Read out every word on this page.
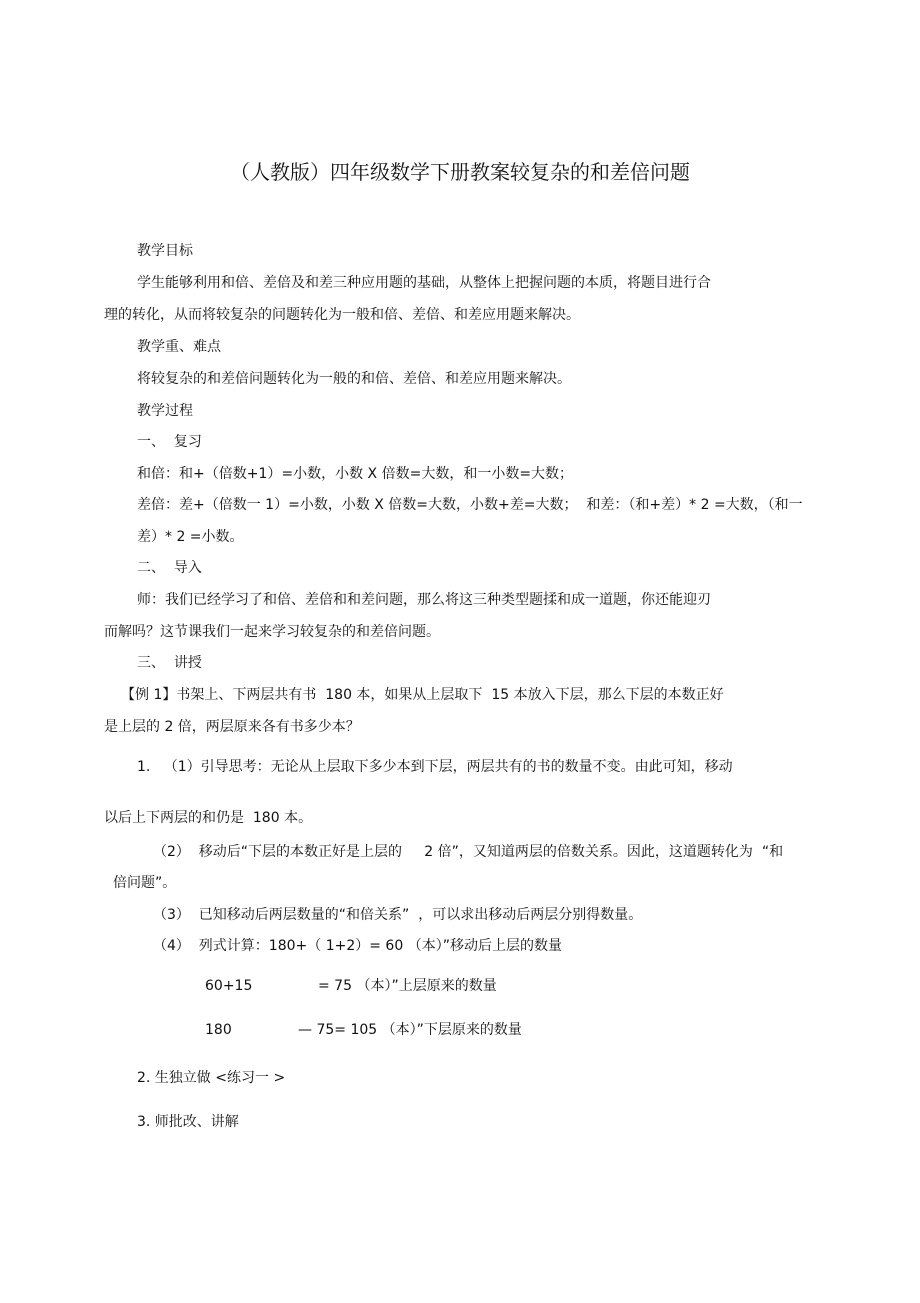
（人教版）四年级数学下册教案较复杂的和差倍问题
教学目标
学生能够利用和倍、差倍及和差三种应用题的基础，从整体上把握问题的本质，将题目进行合
理的转化，从而将较复杂的问题转化为一般和倍、差倍、和差应用题来解决。
教学重、难点
将较复杂的和差倍问题转化为一般的和倍、差倍、和差应用题来解决。
教学过程
一、  复习
和倍：和+（倍数+1）=小数，小数 X 倍数=大数，和一小数=大数；
差倍：差+（倍数一 1）=小数，小数 X 倍数=大数，小数+差=大数；  和差：（和+差）* 2 =大数，（和一
差）* 2 =小数。
二、  导入
师：我们已经学习了和倍、差倍和和差问题，那么将这三种类型题揉和成一道题，你还能迎刃
而解吗？这节课我们一起来学习较复杂的和差倍问题。
三、  讲授
【例 1】书架上、下两层共有书  180 本，如果从上层取下  15 本放入下层，那么下层的本数正好
是上层的 2 倍，两层原来各有书多少本？
1.   （1）引导思考：无论从上层取下多少本到下层，两层共有的书的数量不变。由此可知，移动
以后上下两层的和仍是  180 本。
（2）  移动后“下层的本数正好是上层的     2 倍”，又知道两层的倍数关系。因此，这道题转化为  “和
倍问题”。
（3）  已知移动后两层数量的“和倍关系”  ，可以求出移动后两层分别得数量。
（4）  列式计算：180+（ 1+2）= 60 （本）”移动后上层的数量
60+15	= 75 （本）”上层原来的数量
180	— 75= 105 （本）”下层原来的数量
2. 生独立做 <练习一 >
3. 师批改、讲解
